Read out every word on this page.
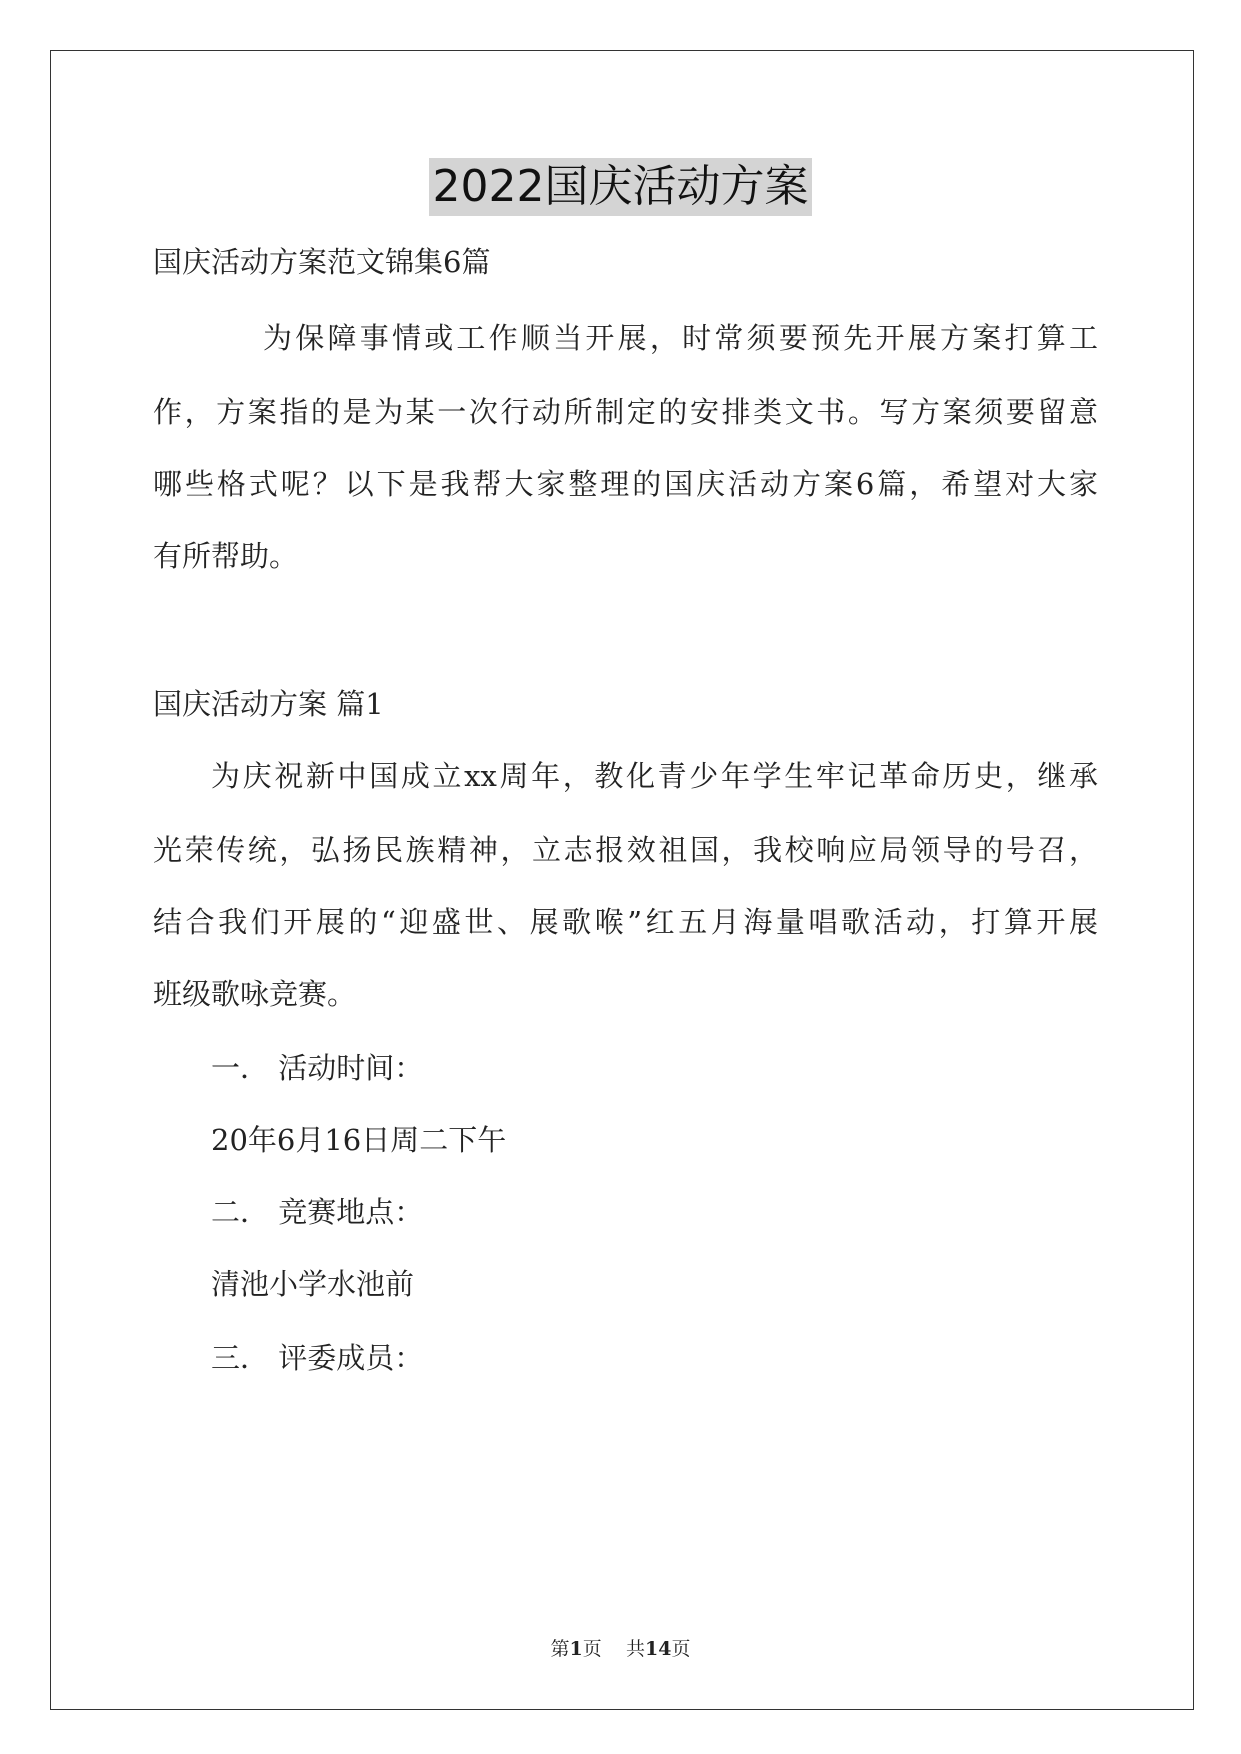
2022国庆活动方案
国庆活动方案范文锦集6篇
为保障事情或工作顺当开展，时常须要预先开展方案打算工
作，方案指的是为某一次行动所制定的安排类文书。写方案须要留意
哪些格式呢？以下是我帮大家整理的国庆活动方案6篇，希望对大家
有所帮助。
国庆活动方案 篇1
为庆祝新中国成立xx周年，教化青少年学生牢记革命历史，继承
光荣传统，弘扬民族精神，立志报效祖国，我校响应局领导的号召，
结合我们开展的“迎盛世、展歌喉”红五月海量唱歌活动，打算开展
班级歌咏竞赛。
一． 活动时间：
20年6月16日周二下午
二． 竞赛地点：
清池小学水池前
三． 评委成员：
第1页 共14页
